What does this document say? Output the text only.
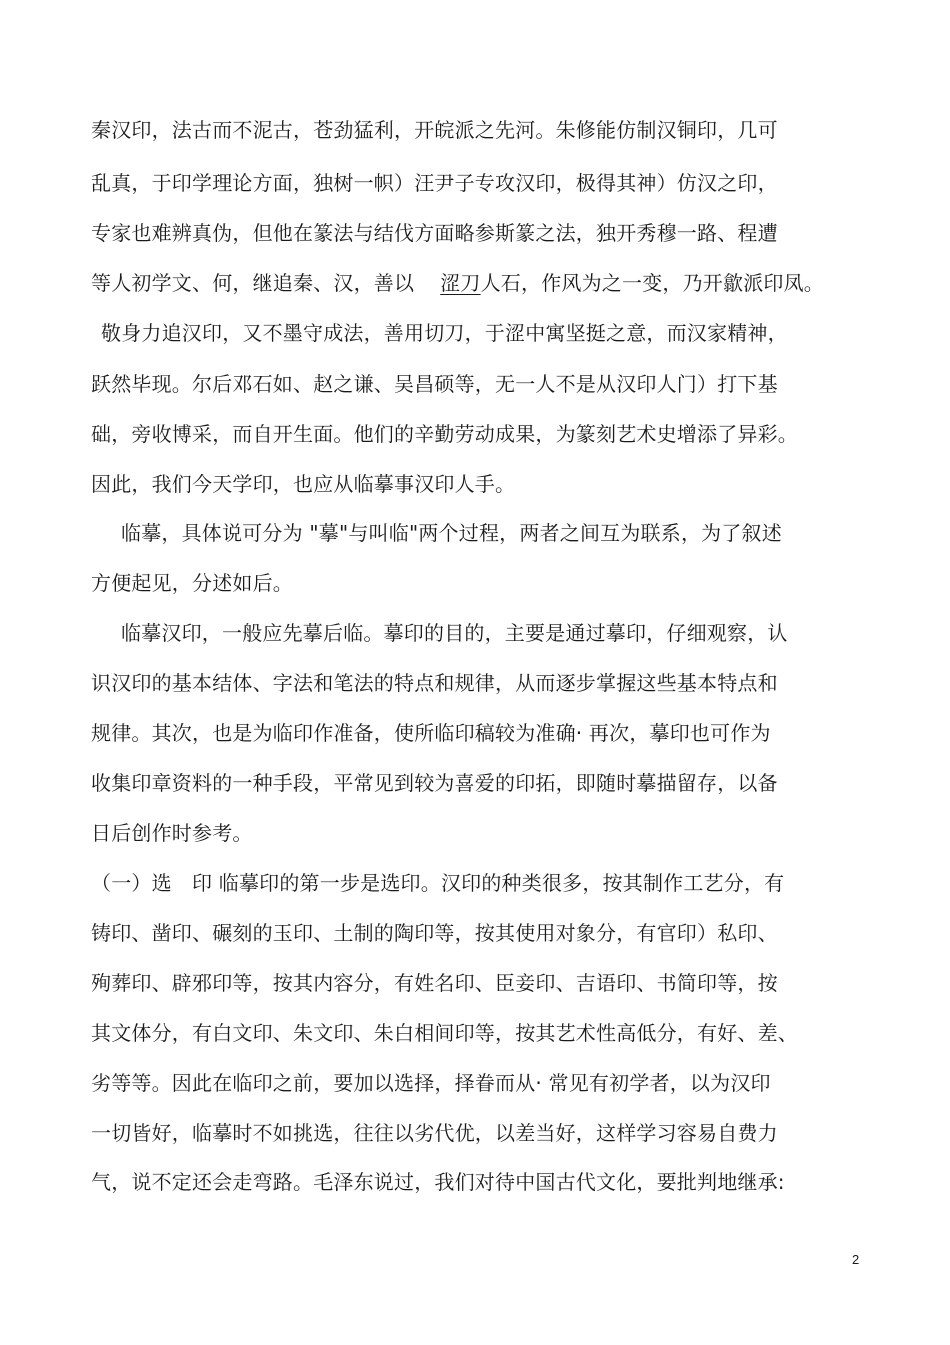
秦汉印，法古而不泥古，苍劲猛利，开皖派之先河。朱修能仿制汉铜印，几可
乱真，于印学理论方面，独树一帜）汪尹子专攻汉印，极得其神）仿汉之印，
专家也难辨真伪，但他在篆法与结伐方面略参斯篆之法，独开秀穆一路、程遭
等人初学文、何，继追秦、汉，善以 涩刀人石，作风为之一变，乃开歙派印凤。
敬身力追汉印，又不墨守成法，善用切刀，于涩中寓坚挺之意，而汉家精神，
跃然毕现。尔后邓石如、赵之谦、吴昌硕等，无一人不是从汉印人门）打下基
础，旁收博采，而自开生面。他们的辛勤劳动成果，为篆刻艺术史增添了异彩。
因此，我们今天学印，也应从临摹事汉印人手。
临摹，具体说可分为 "摹"与叫临"两个过程，两者之间互为联系，为了叙述
方便起见，分述如后。
临摹汉印，一般应先摹后临。摹印的目的，主要是通过摹印，仔细观察，认
识汉印的基本结体、字法和笔法的特点和规律，从而逐步掌握这些基本特点和
规律。其次，也是为临印作准备，使所临印稿较为准确· 再次，摹印也可作为
收集印章资料的一种手段，平常见到较为喜爱的印拓，即随时摹描留存，以备
日后创作时参考。
（一）选　印 临摹印的第一步是选印。汉印的种类很多，按其制作工艺分，有
铸印、凿印、碾刻的玉印、土制的陶印等，按其使用对象分，有官印）私印、
殉葬印、辟邪印等，按其内容分，有姓名印、臣妾印、吉语印、书简印等，按
其文体分，有白文印、朱文印、朱白相间印等，按其艺术性高低分，有好、差、
劣等等。因此在临印之前，要加以选择，择眷而从· 常见有初学者，以为汉印
一切皆好，临摹时不如挑选，往往以劣代优，以差当好，这样学习容易自费力
气，说不定还会走弯路。毛泽东说过，我们对待中国古代文化，要批判地继承:
2
